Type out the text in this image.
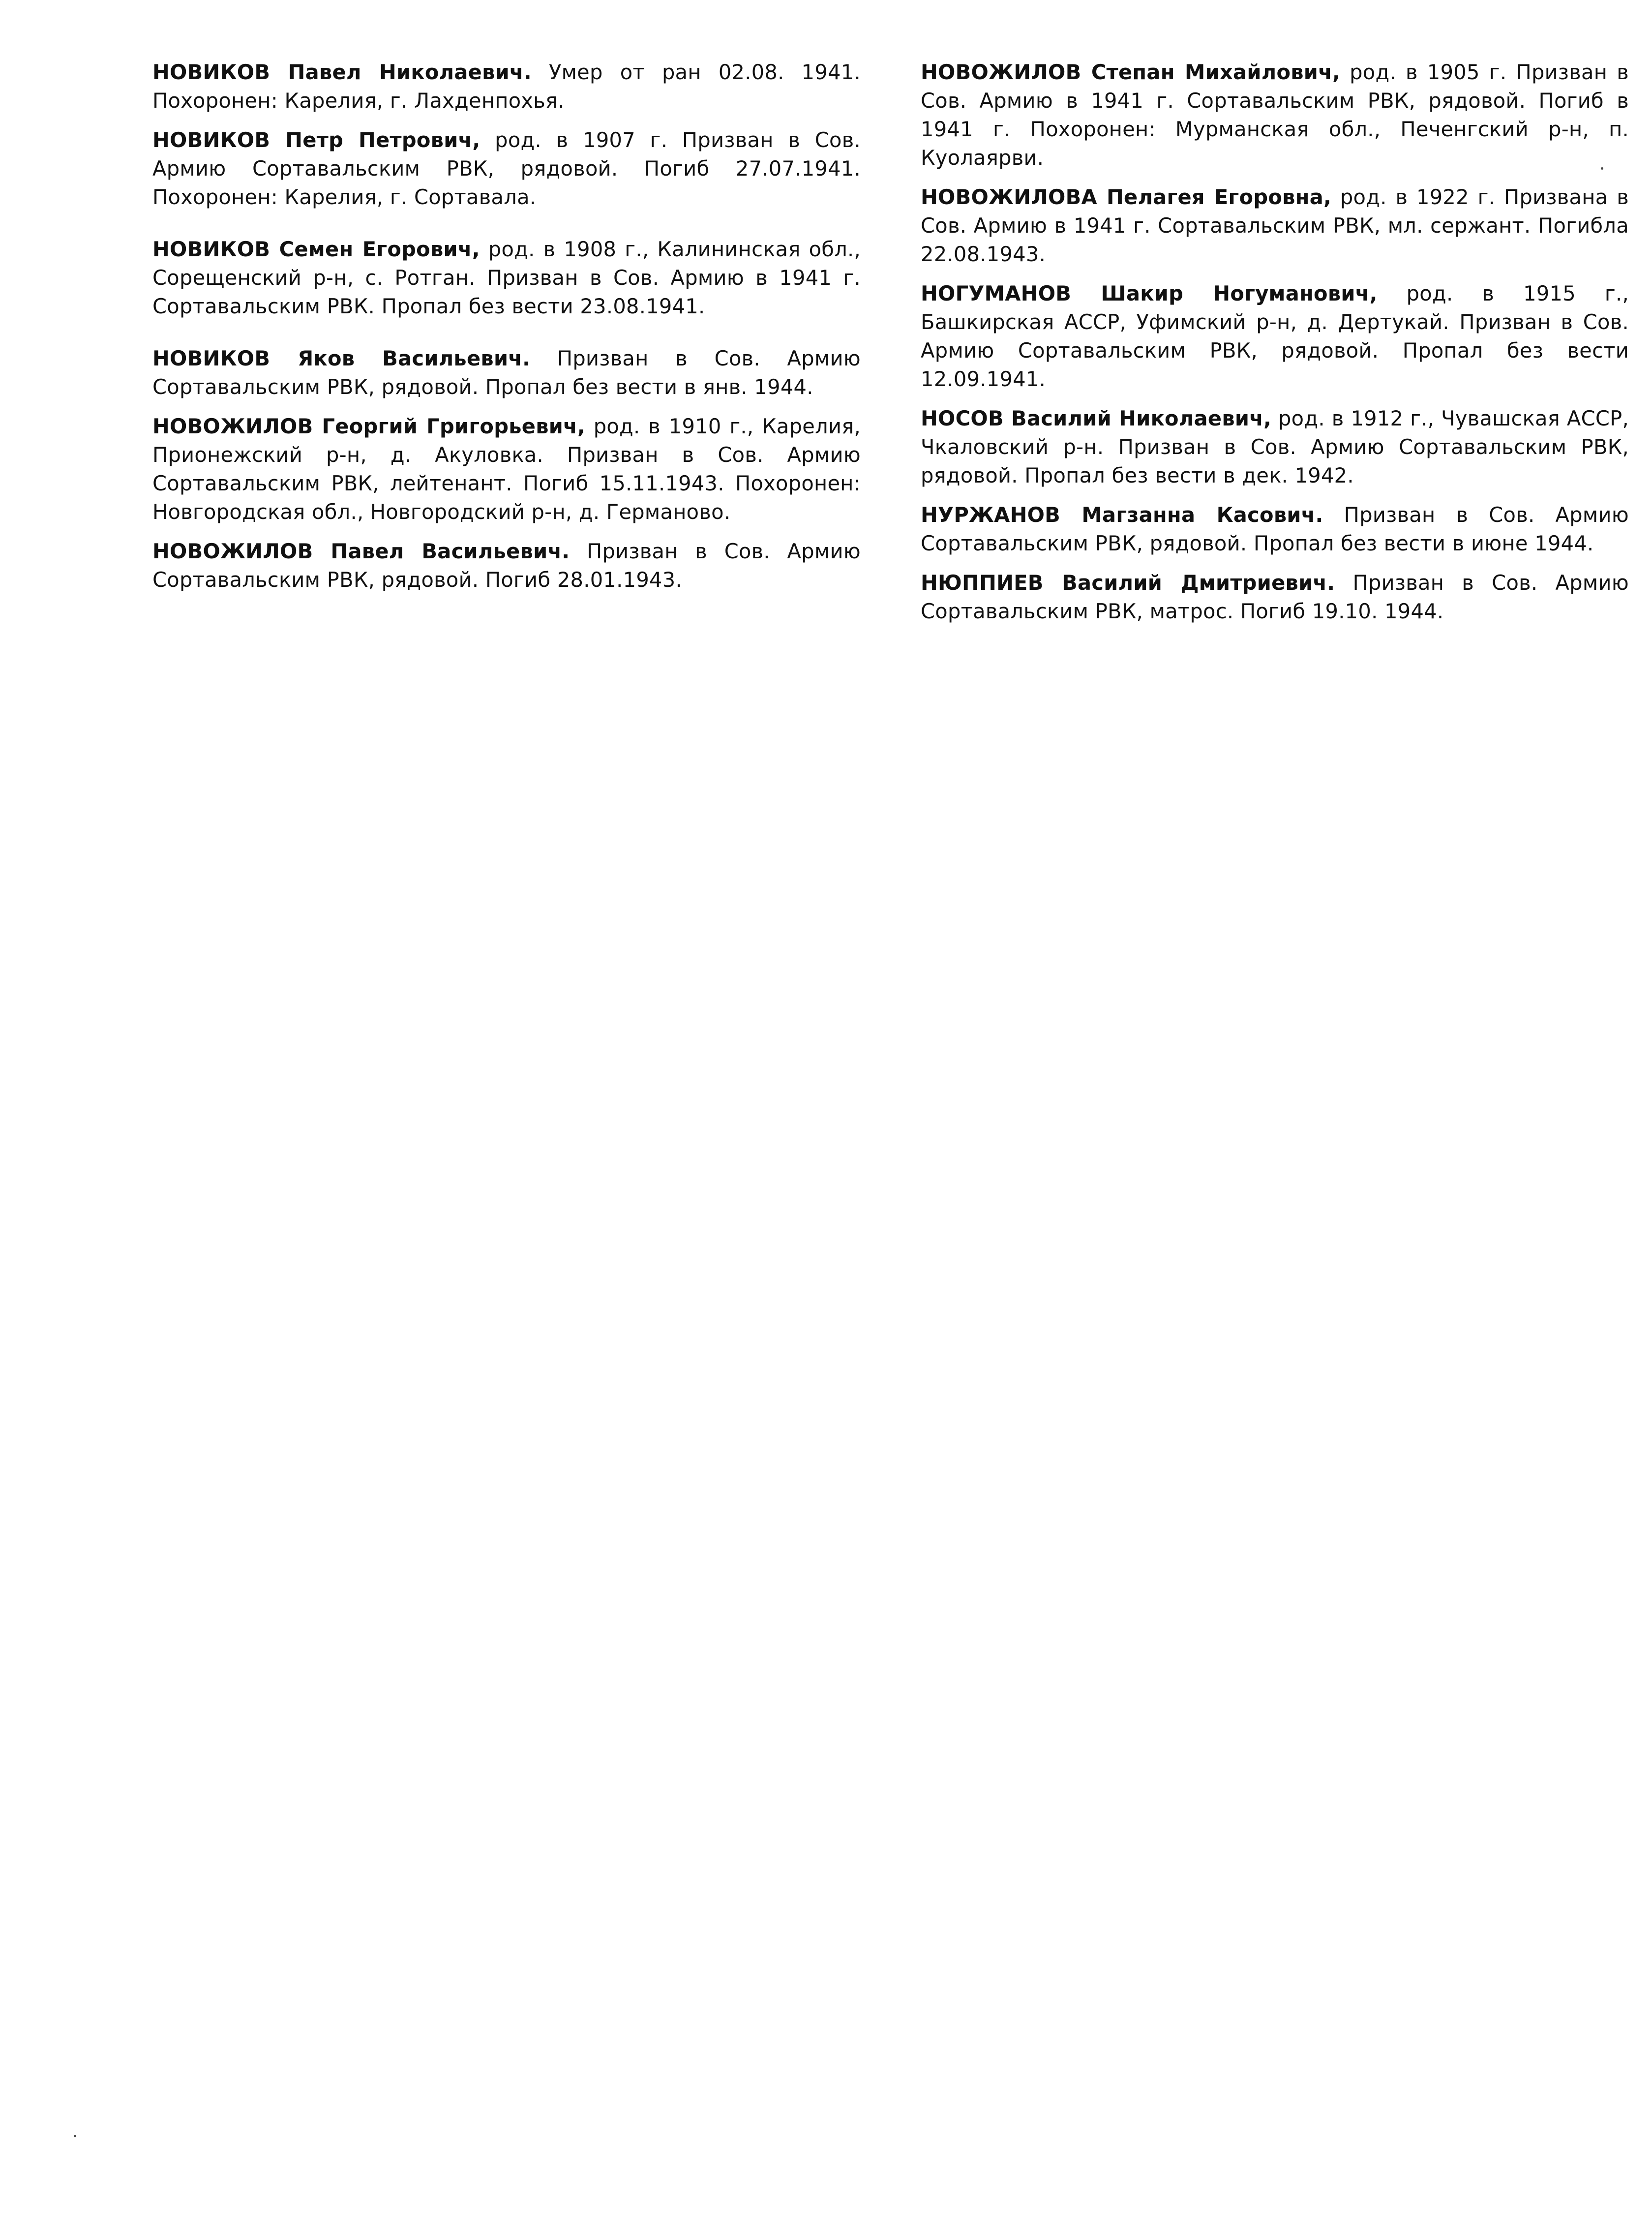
НОВИКОВ Павел Николаевич. Умер от ран 02.08. 1941. Похоронен: Карелия, г. Лахденпохья.

НОВИКОВ Петр Петрович, род. в 1907 г. Призван в Сов. Армию Сортавальским РВК, рядовой. Погиб 27.07.1941. Похоронен: Карелия, г. Сортавала.

НОВИКОВ Семен Егорович, род. в 1908 г., Калининская обл., Сорещенский р-н, с. Ротган. Призван в Сов. Армию в 1941 г. Сортавальским РВК. Пропал без вести 23.08.1941.

НОВИКОВ Яков Васильевич. Призван в Сов. Армию Сортавальским РВК, рядовой. Пропал без вести в янв. 1944.

НОВОЖИЛОВ Георгий Григорьевич, род. в 1910 г., Карелия, Прионежский р-н, д. Акуловка. Призван в Сов. Армию Сортавальским РВК, лейтенант. Погиб 15.11.1943. Похоронен: Новгородская обл., Новгородский р-н, д. Германово.

НОВОЖИЛОВ Павел Васильевич. Призван в Сов. Армию Сортавальским РВК, рядовой. Погиб 28.01.1943.

НОВОЖИЛОВ Степан Михайлович, род. в 1905 г. Призван в Сов. Армию в 1941 г. Сортавальским РВК, рядовой. Погиб в 1941 г. Похоронен: Мурманская обл., Печенгский р-н, п. Куолаярви.

НОВОЖИЛОВА Пелагея Егоровна, род. в 1922 г. Призвана в Сов. Армию в 1941 г. Сортавальским РВК, мл. сержант. Погибла 22.08.1943.

НОГУМАНОВ Шакир Ногуманович, род. в 1915 г., Башкирская АССР, Уфимский р-н, д. Дертукай. Призван в Сов. Армию Сортавальским РВК, рядовой. Пропал без вести 12.09.1941.

НОСОВ Василий Николаевич, род. в 1912 г., Чувашская АССР, Чкаловский р-н. Призван в Сов. Армию Сортавальским РВК, рядовой. Пропал без вести в дек. 1942.

НУРЖАНОВ Магзанна Касович. Призван в Сов. Армию Сортавальским РВК, рядовой. Пропал без вести в июне 1944.

НЮППИЕВ Василий Дмитриевич. Призван в Сов. Армию Сортавальским РВК, матрос. Погиб 19.10. 1944.
